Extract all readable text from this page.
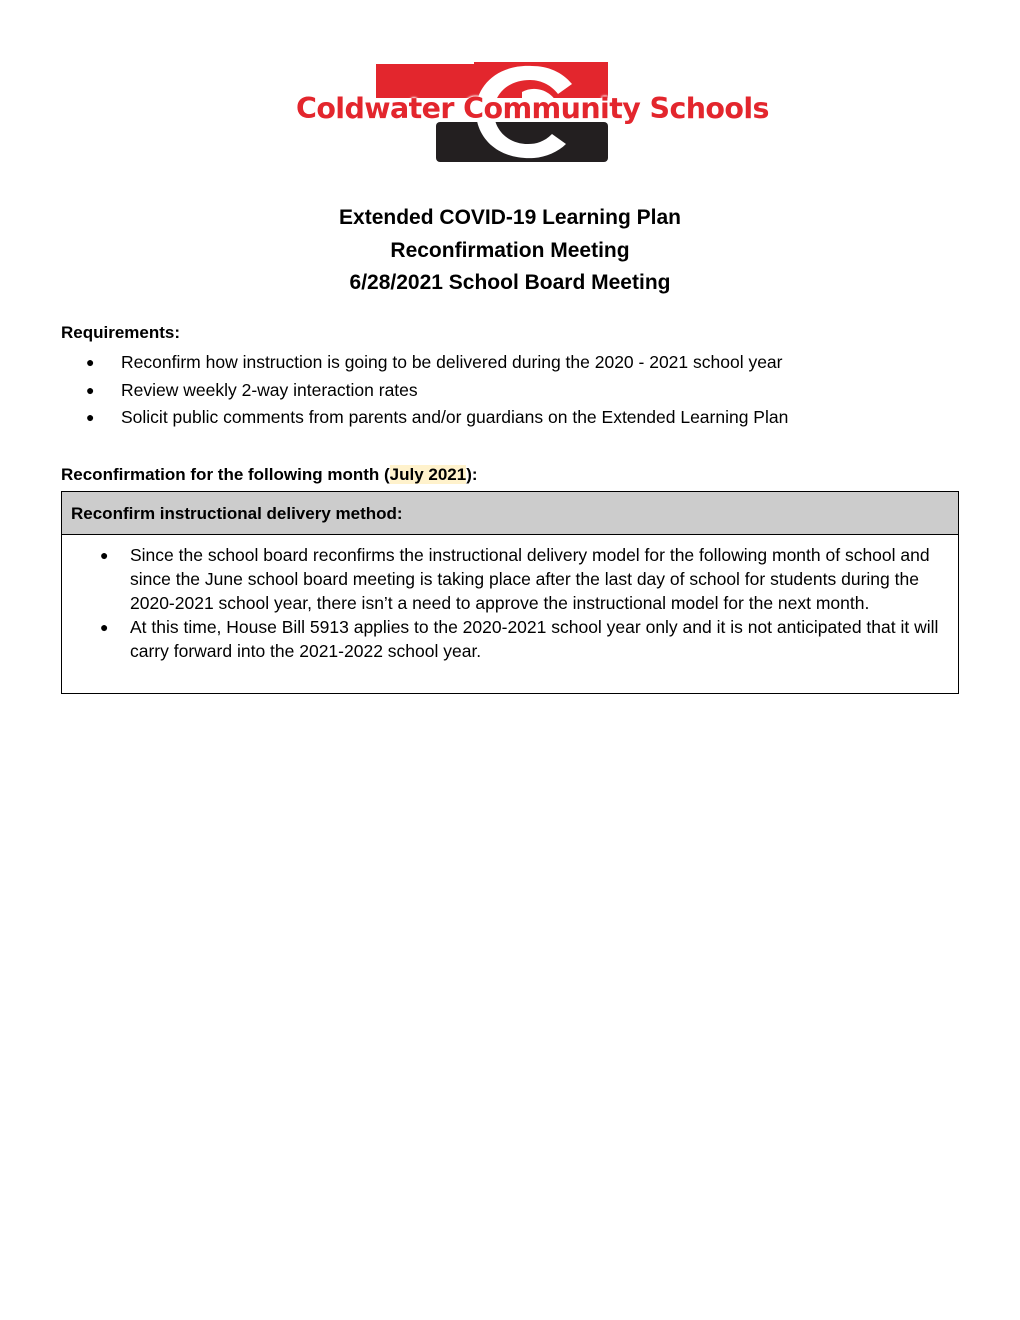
Coldwater Community Schools
Extended COVID-19 Learning Plan
Reconfirmation Meeting
6/28/2021 School Board Meeting
Requirements:
● Reconfirm how instruction is going to be delivered during the 2020 - 2021 school year
● Review weekly 2-way interaction rates
● Solicit public comments from parents and/or guardians on the Extended Learning Plan
Reconfirmation for the following month (July 2021):
Reconfirm instructional delivery method:
● Since the school board reconfirms the instructional delivery model for the following month of school and since the June school board meeting is taking place after the last day of school for students during the 2020-2021 school year, there isn’t a need to approve the instructional model for the next month.
● At this time, House Bill 5913 applies to the 2020-2021 school year only and it is not anticipated that it will carry forward into the 2021-2022 school year.
